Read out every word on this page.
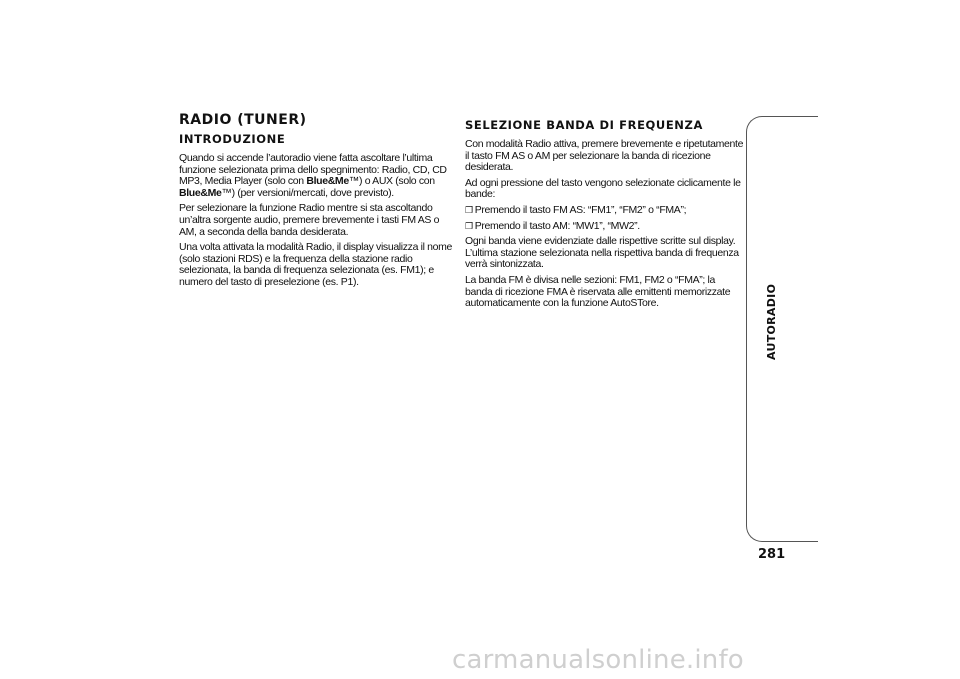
RADIO (TUNER)
INTRODUZIONE

Quando si accende l’autoradio viene fatta ascoltare l’ultima funzione selezionata prima dello spegnimento: Radio, CD, CD MP3, Media Player (solo con Blue&Me™) o AUX (solo con Blue&Me™) (per versioni/mercati, dove previsto).

Per selezionare la funzione Radio mentre si sta ascoltando un’altra sorgente audio, premere brevemente i tasti FM AS o AM, a seconda della banda desiderata.

Una volta attivata la modalità Radio, il display visualizza il nome (solo stazioni RDS) e la frequenza della stazione radio selezionata, la banda di frequenza selezionata (es. FM1); e numero del tasto di preselezione (es. P1).

SELEZIONE BANDA DI FREQUENZA

Con modalità Radio attiva, premere brevemente e ripetutamente il tasto FM AS o AM per selezionare la banda di ricezione desiderata.

Ad ogni pressione del tasto vengono selezionate ciclicamente le bande:

❒ Premendo il tasto FM AS: “FM1”, “FM2” o “FMA”;

❒ Premendo il tasto AM: “MW1”, “MW2”.

Ogni banda viene evidenziate dalle rispettive scritte sul display. L’ultima stazione selezionata nella rispettiva banda di frequenza verrà sintonizzata.

La banda FM è divisa nelle sezioni: FM1, FM2 o “FMA”; la banda di ricezione FMA è riservata alle emittenti memorizzate automaticamente con la funzione AutoSTore.	AUTORADIO
281
carmanualsonline.info
